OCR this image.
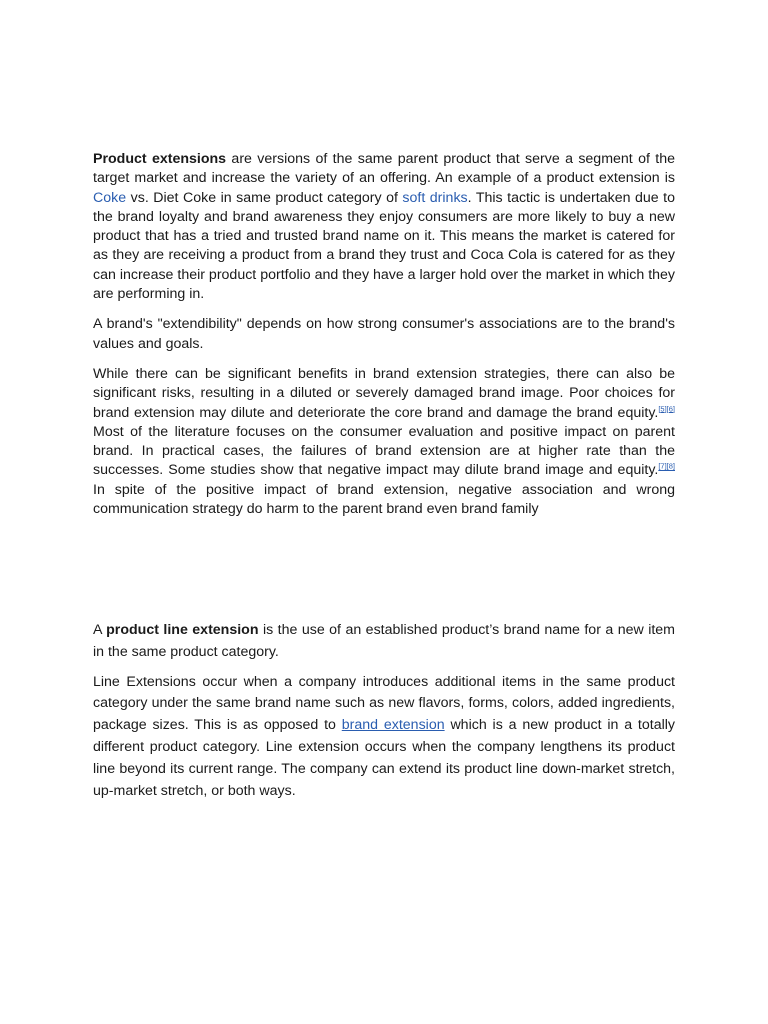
Product extensions are versions of the same parent product that serve a segment of the target market and increase the variety of an offering. An example of a product extension is Coke vs. Diet Coke in same product category of soft drinks. This tactic is undertaken due to the brand loyalty and brand awareness they enjoy consumers are more likely to buy a new product that has a tried and trusted brand name on it. This means the market is catered for as they are receiving a product from a brand they trust and Coca Cola is catered for as they can increase their product portfolio and they have a larger hold over the market in which they are performing in.

A brand's "extendibility" depends on how strong consumer's associations are to the brand's values and goals.

While there can be significant benefits in brand extension strategies, there can also be significant risks, resulting in a diluted or severely damaged brand image. Poor choices for brand extension may dilute and deteriorate the core brand and damage the brand equity.[5][6] Most of the literature focuses on the consumer evaluation and positive impact on parent brand. In practical cases, the failures of brand extension are at higher rate than the successes. Some studies show that negative impact may dilute brand image and equity.[7][8] In spite of the positive impact of brand extension, negative association and wrong communication strategy do harm to the parent brand even brand family

A product line extension is the use of an established product’s brand name for a new item in the same product category.

Line Extensions occur when a company introduces additional items in the same product category under the same brand name such as new flavors, forms, colors, added ingredients, package sizes. This is as opposed to brand extension which is a new product in a totally different product category. Line extension occurs when the company lengthens its product line beyond its current range. The company can extend its product line down-market stretch, up-market stretch, or both ways.
